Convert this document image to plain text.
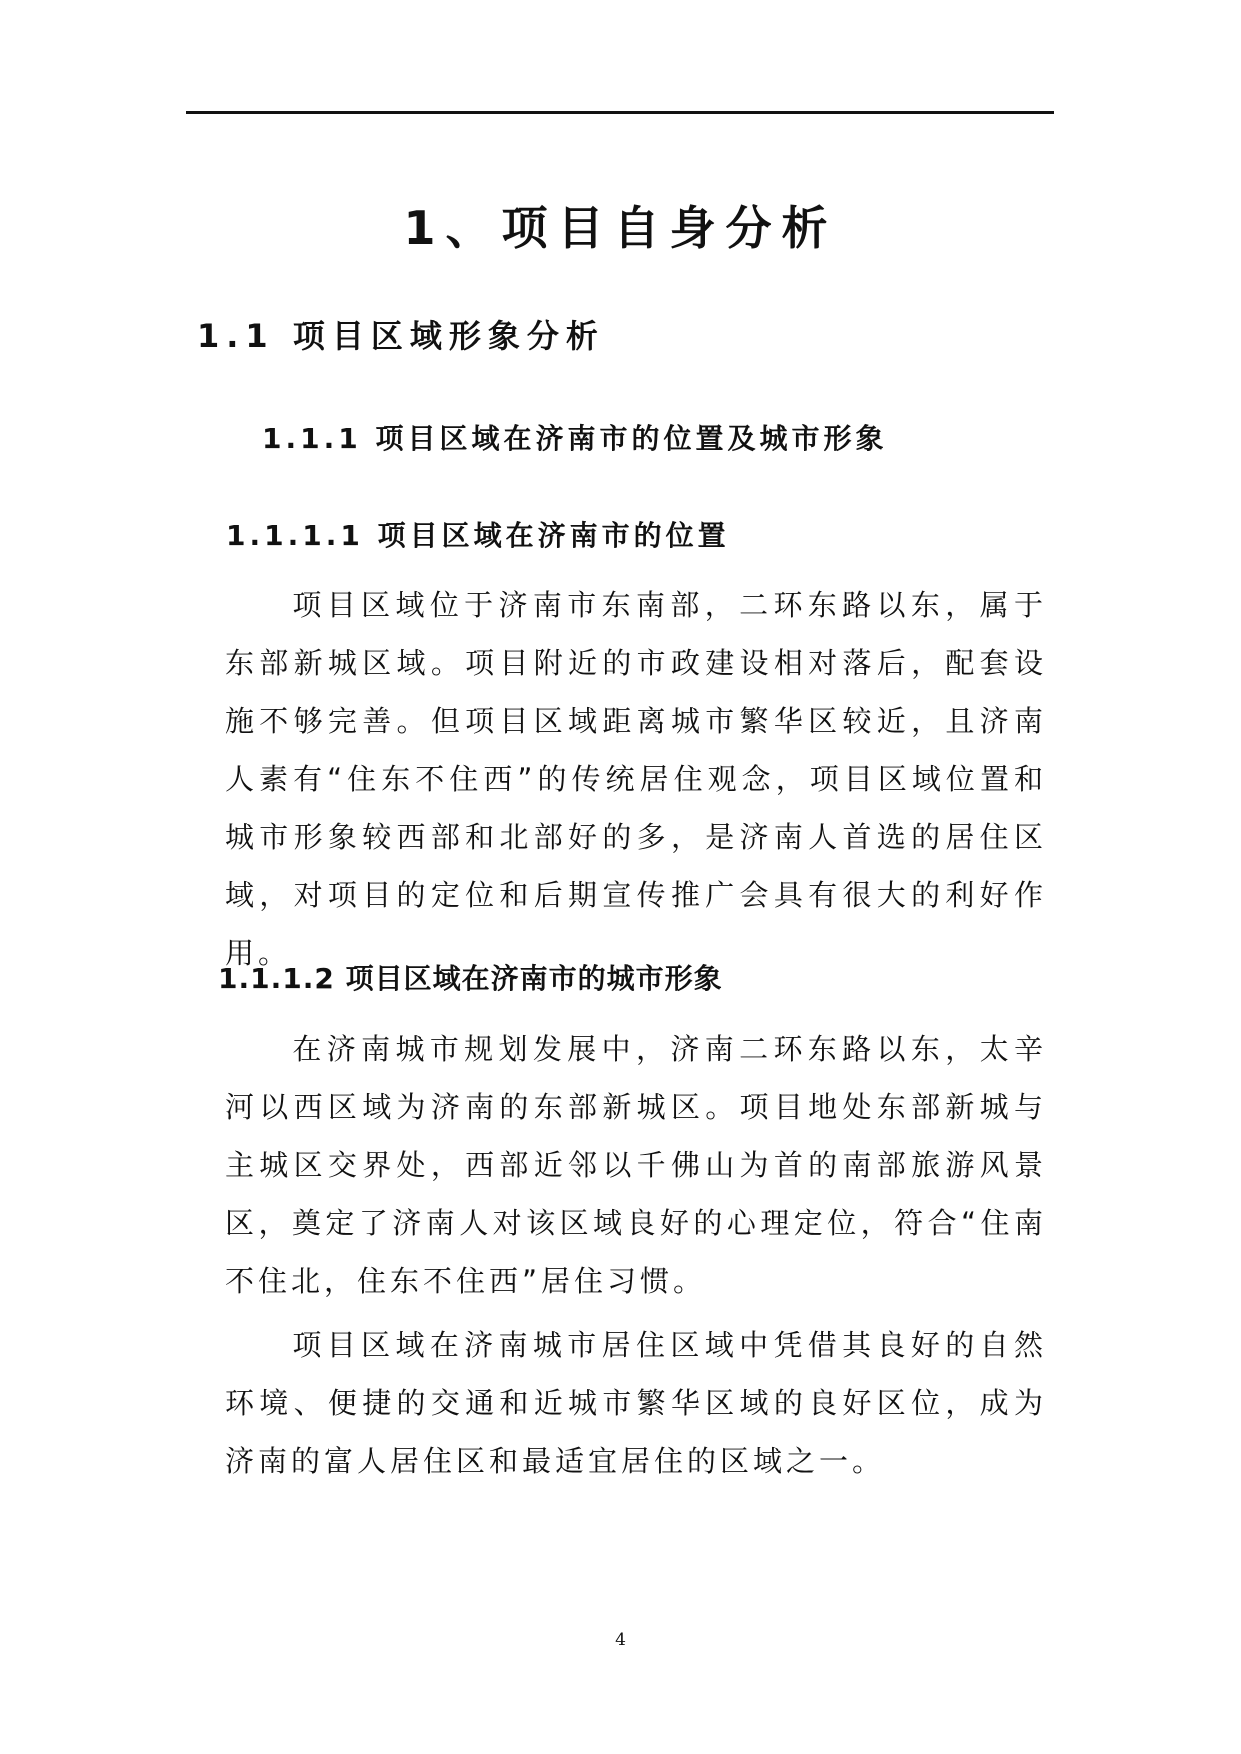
1、项目自身分析
1.1 项目区域形象分析
1.1.1 项目区域在济南市的位置及城市形象
1.1.1.1 项目区域在济南市的位置

项目区域位于济南市东南部，二环东路以东，属于东部新城区域。项目附近的市政建设相对落后，配套设施不够完善。但项目区域距离城市繁华区较近，且济南人素有“住东不住西”的传统居住观念，项目区域位置和城市形象较西部和北部好的多，是济南人首选的居住区域，对项目的定位和后期宣传推广会具有很大的利好作用。

1.1.1.2 项目区域在济南市的城市形象

在济南城市规划发展中，济南二环东路以东，太辛河以西区域为济南的东部新城区。项目地处东部新城与主城区交界处，西部近邻以千佛山为首的南部旅游风景区，奠定了济南人对该区域良好的心理定位，符合“住南不住北，住东不住西”居住习惯。

项目区域在济南城市居住区域中凭借其良好的自然环境、便捷的交通和近城市繁华区域的良好区位，成为济南的富人居住区和最适宜居住的区域之一。

4
